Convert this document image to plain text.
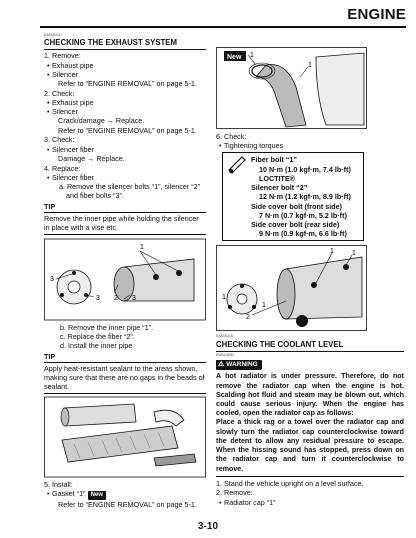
ENGINE
EAS00211
CHECKING THE EXHAUST SYSTEM
1. Remove:
• Exhaust pipe
• Silencer
Refer to “ENGINE REMOVAL” on page 5-1.
2. Check:
• Exhaust pipe
• Silencer
Crack/damage → Replace.
Refer to “ENGINE REMOVAL” on page 5-1.
3. Check:
• Silencer fiber
Damage → Replace.
4. Replace:
• Silencer fiber
a. Remove the silencer bolts “1”, silencer “2” and fiber bolts “3”.
TIP
Remove the inner pipe while holding the silencer in place with a vise etc.
1
3
3 2 3
b. Remove the inner pipe “1”.
c. Replace the fiber “2”.
d. Install the inner pipe.
TIP
Apply heat-resistant sealant to the areas shown, making sure that there are no gaps in the beads of sealant.
5. Install:
• Gasket “1” New
Refer to “ENGINE REMOVAL” on page 5-1.
New 1
1
6. Check:
• Tightening torques
Fiber bolt “1”
10 N·m (1.0 kgf·m, 7.4 lb·ft)
LOCTITE®
Silencer bolt “2”
12 N·m (1.2 kgf·m, 8.9 lb·ft)
Side cover bolt (front side)
7 N·m (0.7 kgf·m, 5.2 lb·ft)
Side cover bolt (rear side)
9 N·m (0.9 kgf·m, 6.6 lb·ft)
1	1
2
1
1
EAS00215
CHECKING THE COOLANT LEVEL
EWA13030
⚠ WARNING
A hot radiator is under pressure. Therefore, do not remove the radiator cap when the engine is hot. Scalding hot fluid and steam may be blown out, which could cause serious injury. When the engine has cooled, open the radiator cap as follows:
Place a thick rag or a towel over the radiator cap and slowly turn the radiator cap counterclockwise toward the detent to allow any residual pressure to escape. When the hissing sound has stopped, press down on the radiator cap and turn it counterclockwise to remove.
1. Stand the vehicle upright on a level surface.
2. Remove:
• Radiator cap “1”
3-10
